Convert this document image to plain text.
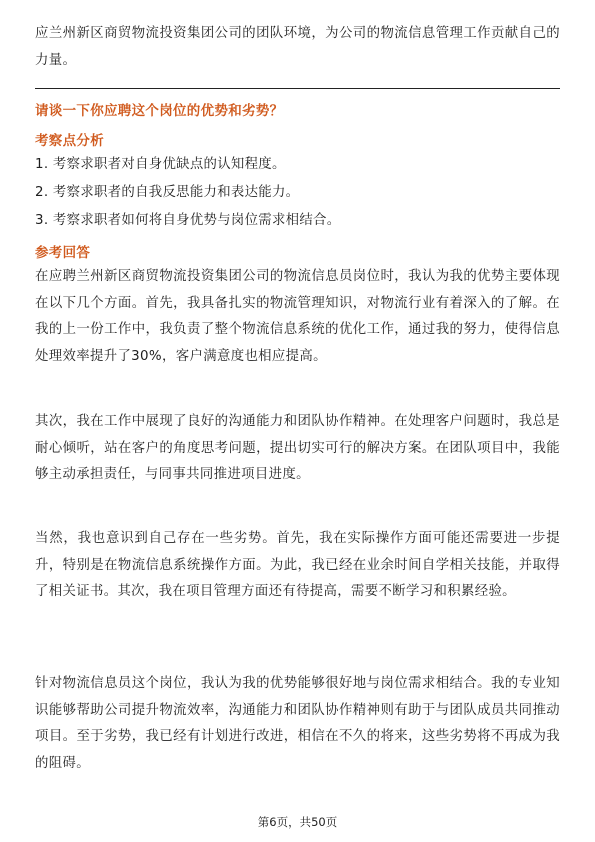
应兰州新区商贸物流投资集团公司的团队环境，为公司的物流信息管理工作贡献自己的力量。

请谈一下你应聘这个岗位的优势和劣势？
考察点分析
1. 考察求职者对自身优缺点的认知程度。
2. 考察求职者的自我反思能力和表达能力。
3. 考察求职者如何将自身优势与岗位需求相结合。
参考回答

在应聘兰州新区商贸物流投资集团公司的物流信息员岗位时，我认为我的优势主要体现在以下几个方面。首先，我具备扎实的物流管理知识，对物流行业有着深入的了解。在我的上一份工作中，我负责了整个物流信息系统的优化工作，通过我的努力，使得信息处理效率提升了30%，客户满意度也相应提高。

其次，我在工作中展现了良好的沟通能力和团队协作精神。在处理客户问题时，我总是耐心倾听，站在客户的角度思考问题，提出切实可行的解决方案。在团队项目中，我能够主动承担责任，与同事共同推进项目进度。

当然，我也意识到自己存在一些劣势。首先，我在实际操作方面可能还需要进一步提升，特别是在物流信息系统操作方面。为此，我已经在业余时间自学相关技能，并取得了相关证书。其次，我在项目管理方面还有待提高，需要不断学习和积累经验。

针对物流信息员这个岗位，我认为我的优势能够很好地与岗位需求相结合。我的专业知识能够帮助公司提升物流效率，沟通能力和团队协作精神则有助于与团队成员共同推动项目。至于劣势，我已经有计划进行改进，相信在不久的将来，这些劣势将不再成为我的阻碍。

第6页，共50页
